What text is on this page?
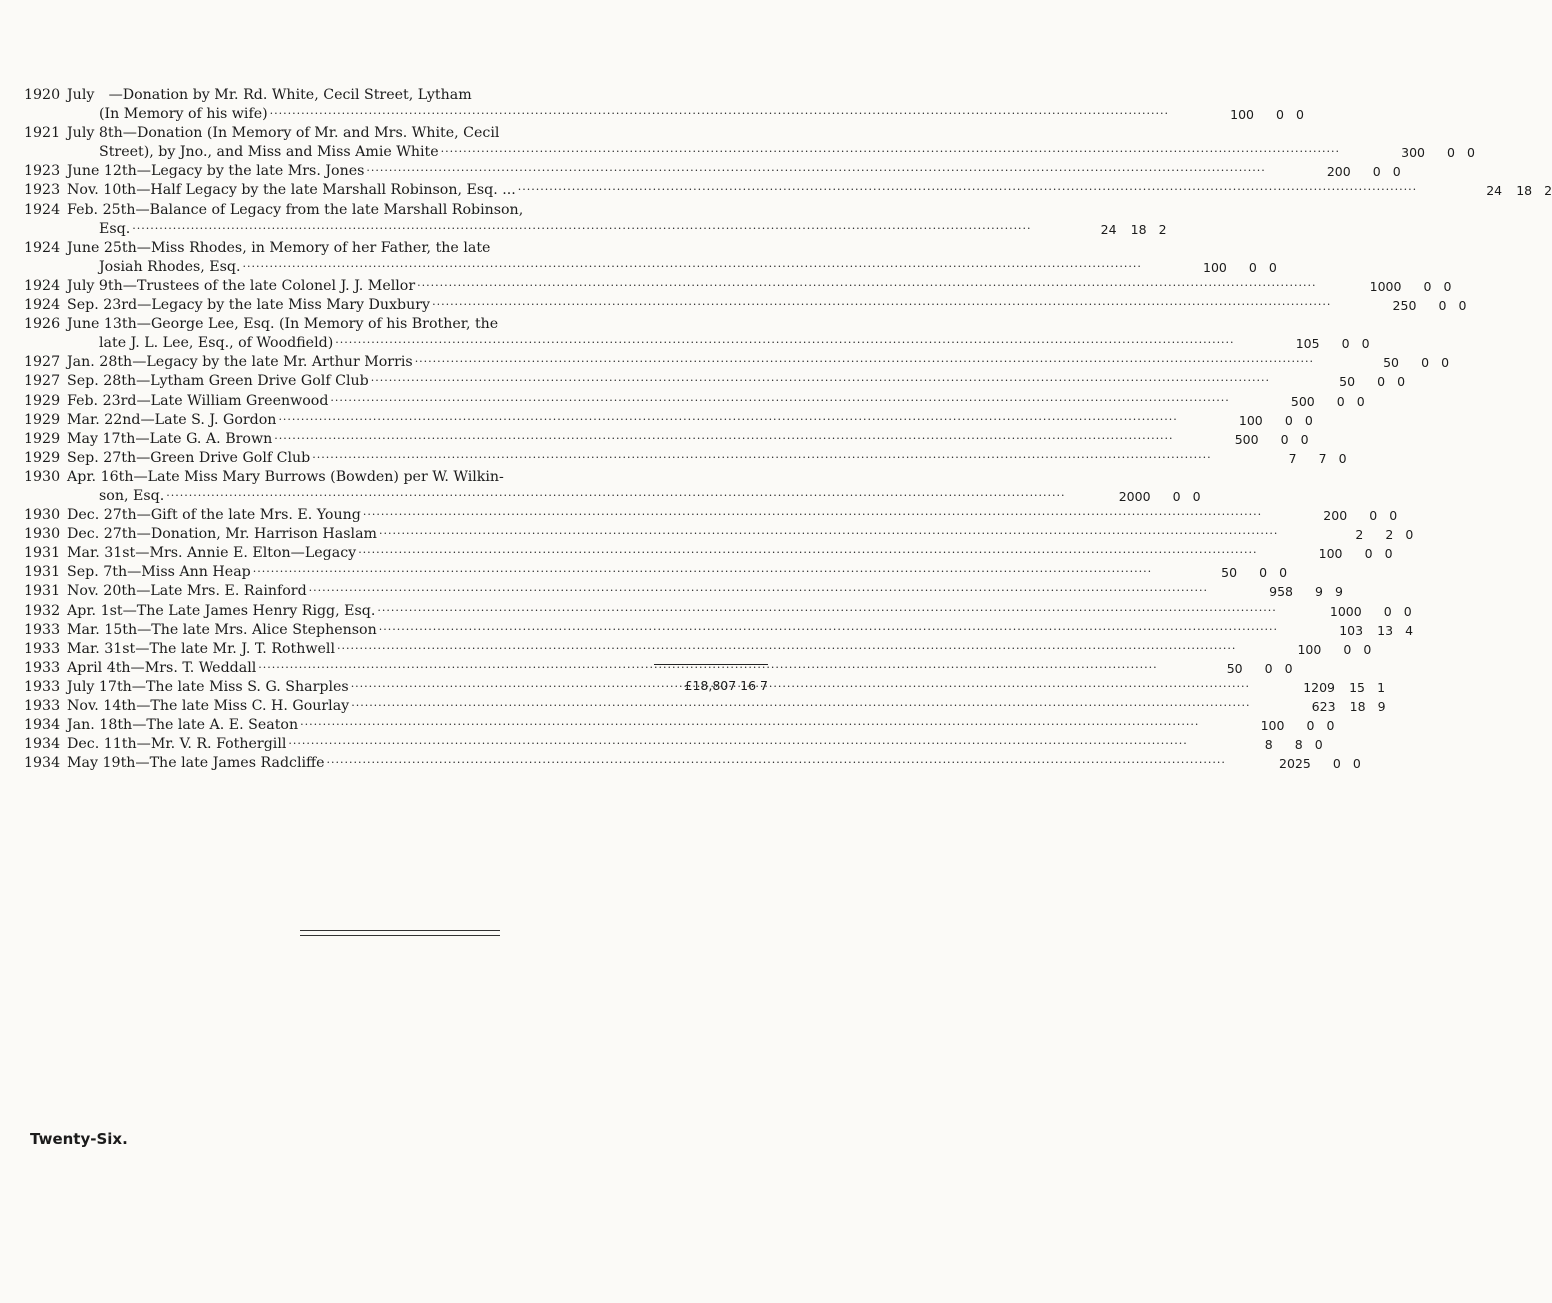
1920 July —Donation by Mr. Rd. White, Cecil Street, Lytham
(In Memory of his wife) .....	100	0 0
1921 July 8th—Donation (In Memory of Mr. and Mrs. White, Cecil
Street), by Jno., and Miss and Miss Amie White .....	300	0 0
1923 June 12th—Legacy by the late Mrs. Jones .....	200	0 0
1923 Nov. 10th—Half Legacy by the late Marshall Robinson, Esq. ... .....	24	18 2
1924 Feb. 25th—Balance of Legacy from the late Marshall Robinson,
Esq. .....	24	18 2
1924 June 25th—Miss Rhodes, in Memory of her Father, the late
Josiah Rhodes, Esq. .....	100	0 0
1924 July 9th—Trustees of the late Colonel J. J. Mellor .....	1000	0 0
1924 Sep. 23rd—Legacy by the late Miss Mary Duxbury .....	250	0 0
1926 June 13th—George Lee, Esq. (In Memory of his Brother, the
late J. L. Lee, Esq., of Woodfield) .....	105	0 0
1927 Jan. 28th—Legacy by the late Mr. Arthur Morris .....	50	0 0
1927 Sep. 28th—Lytham Green Drive Golf Club .....	50	0 0
1929 Feb. 23rd—Late William Greenwood .....	500	0 0
1929 Mar. 22nd—Late S. J. Gordon .....	100	0 0
1929 May 17th—Late G. A. Brown .....	500	0 0
1929 Sep. 27th—Green Drive Golf Club .....	7	7 0
1930 Apr. 16th—Late Miss Mary Burrows (Bowden) per W. Wilkin-
son, Esq. .....	2000	0 0
1930 Dec. 27th—Gift of the late Mrs. E. Young .....	200	0 0
1930 Dec. 27th—Donation, Mr. Harrison Haslam .....	2	2 0
1931 Mar. 31st—Mrs. Annie E. Elton—Legacy .....	100	0 0
1931 Sep. 7th—Miss Ann Heap .....	50	0 0
1931 Nov. 20th—Late Mrs. E. Rainford .....	958	9 9
1932 Apr. 1st—The Late James Henry Rigg, Esq. .....	1000	0 0
1933 Mar. 15th—The late Mrs. Alice Stephenson .....	103	13 4
1933 Mar. 31st—The late Mr. J. T. Rothwell .....	100	0 0
1933 April 4th—Mrs. T. Weddall .....	50	0 0
1933 July 17th—The late Miss S. G. Sharples .....	1209	15 1
1933 Nov. 14th—The late Miss C. H. Gourlay .....	623	18 9
1934 Jan. 18th—The late A. E. Seaton .....	100	0 0
1934 Dec. 11th—Mr. V. R. Fothergill .....	8	8 0
1934 May 19th—The late James Radcliffe .....	2025	0 0
£18,807 16 7
Twenty-Six.
